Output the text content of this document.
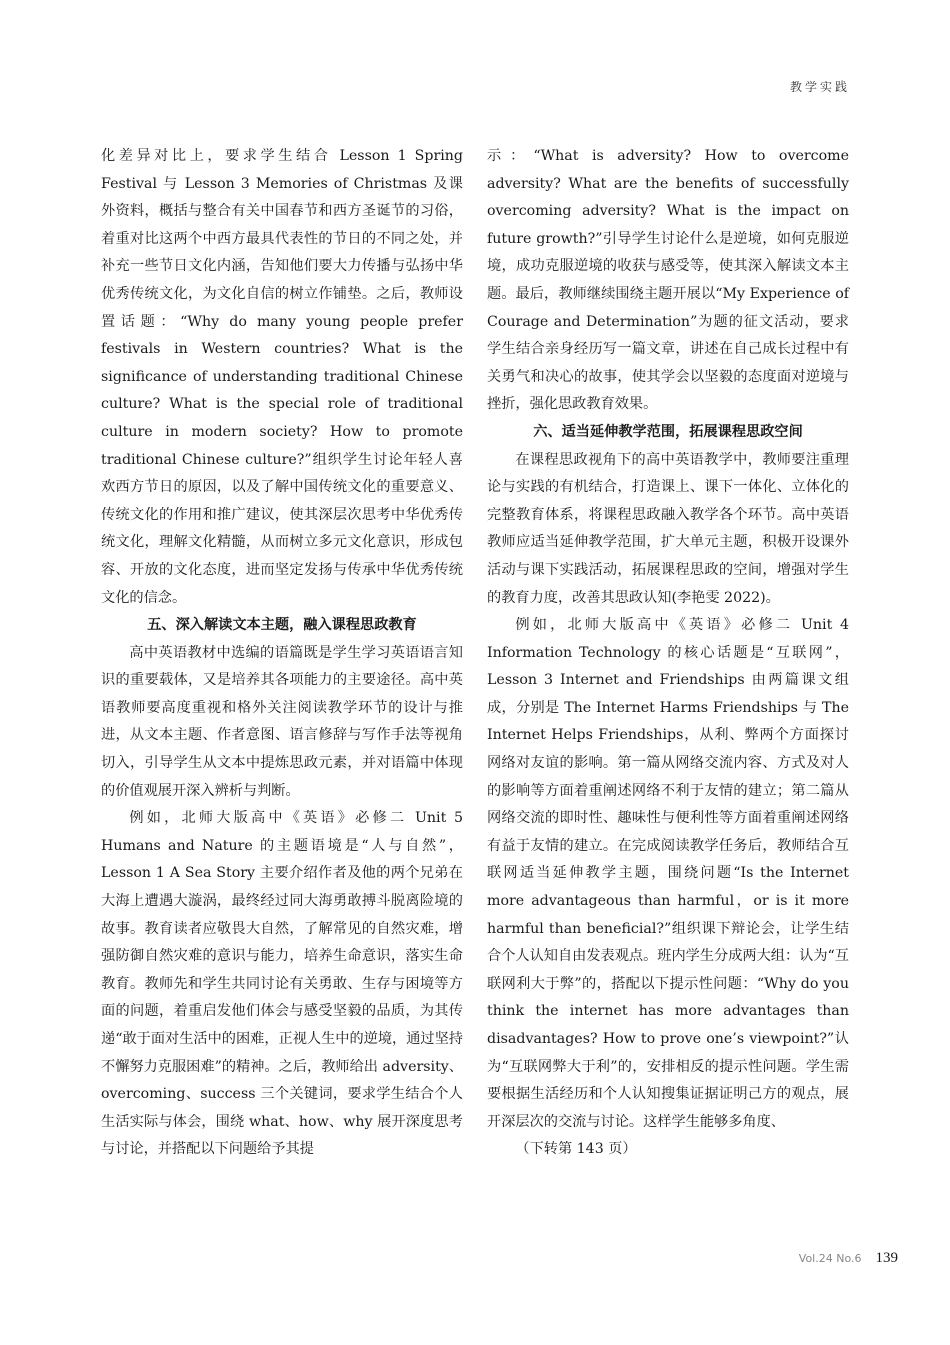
教学实践

化差异对比上，要求学生结合 Lesson 1 Spring Festival 与 Lesson 3 Memories of Christmas 及课外资料，概括与整合有关中国春节和西方圣诞节的习俗，着重对比这两个中西方最具代表性的节日的不同之处，并补充一些节日文化内涵，告知他们要大力传播与弘扬中华优秀传统文化，为文化自信的树立作铺垫。之后，教师设置话题：“Why do many young people prefer festivals in Western countries? What is the significance of understanding traditional Chinese culture? What is the special role of traditional culture in modern society? How to promote traditional Chinese culture?”组织学生讨论年轻人喜欢西方节日的原因，以及了解中国传统文化的重要意义、传统文化的作用和推广建议，使其深层次思考中华优秀传统文化，理解文化精髓，从而树立多元文化意识，形成包容、开放的文化态度，进而坚定发扬与传承中华优秀传统文化的信念。

五、深入解读文本主题，融入课程思政教育

高中英语教材中选编的语篇既是学生学习英语语言知识的重要载体，又是培养其各项能力的主要途径。高中英语教师要高度重视和格外关注阅读教学环节的设计与推进，从文本主题、作者意图、语言修辞与写作手法等视角切入，引导学生从文本中提炼思政元素，并对语篇中体现的价值观展开深入辨析与判断。

例如，北师大版高中《英语》必修二 Unit 5 Humans and Nature 的主题语境是“人与自然”，Lesson 1 A Sea Story 主要介绍作者及他的两个兄弟在大海上遭遇大漩涡，最终经过同大海勇敢搏斗脱离险境的故事。教育读者应敬畏大自然，了解常见的自然灾难，增强防御自然灾难的意识与能力，培养生命意识，落实生命教育。教师先和学生共同讨论有关勇敢、生存与困境等方面的问题，着重启发他们体会与感受坚毅的品质，为其传递“敢于面对生活中的困难，正视人生中的逆境，通过坚持不懈努力克服困难”的精神。之后，教师给出 adversity、overcoming、success 三个关键词，要求学生结合个人生活实际与体会，围绕 what、how、why 展开深度思考与讨论，并搭配以下问题给予其提

示：“What is adversity? How to overcome adversity? What are the benefits of successfully overcoming adversity? What is the impact on future growth?”引导学生讨论什么是逆境，如何克服逆境，成功克服逆境的收获与感受等，使其深入解读文本主题。最后，教师继续围绕主题开展以“My Experience of Courage and Determination”为题的征文活动，要求学生结合亲身经历写一篇文章，讲述在自己成长过程中有关勇气和决心的故事，使其学会以坚毅的态度面对逆境与挫折，强化思政教育效果。

六、适当延伸教学范围，拓展课程思政空间

在课程思政视角下的高中英语教学中，教师要注重理论与实践的有机结合，打造课上、课下一体化、立体化的完整教育体系，将课程思政融入教学各个环节。高中英语教师应适当延伸教学范围，扩大单元主题，积极开设课外活动与课下实践活动，拓展课程思政的空间，增强对学生的教育力度，改善其思政认知(李艳雯 2022)。

例如，北师大版高中《英语》必修二 Unit 4 Information Technology 的核心话题是“互联网”，Lesson 3 Internet and Friendships 由两篇课文组成，分别是 The Internet Harms Friendships 与 The Internet Helps Friendships，从利、弊两个方面探讨网络对友谊的影响。第一篇从网络交流内容、方式及对人的影响等方面着重阐述网络不利于友情的建立；第二篇从网络交流的即时性、趣味性与便利性等方面着重阐述网络有益于友情的建立。在完成阅读教学任务后，教师结合互联网适当延伸教学主题，围绕问题“Is the Internet more advantageous than harmful，or is it more harmful than beneficial?”组织课下辩论会，让学生结合个人认知自由发表观点。班内学生分成两大组：认为“互联网利大于弊”的，搭配以下提示性问题：“Why do you think the internet has more advantages than disadvantages? How to prove one’s viewpoint?”认为“互联网弊大于利”的，安排相反的提示性问题。学生需要根据生活经历和个人认知搜集证据证明己方的观点，展开深层次的交流与讨论。这样学生能够多角度、

（下转第 143 页）

Vol.24 No.6 139
